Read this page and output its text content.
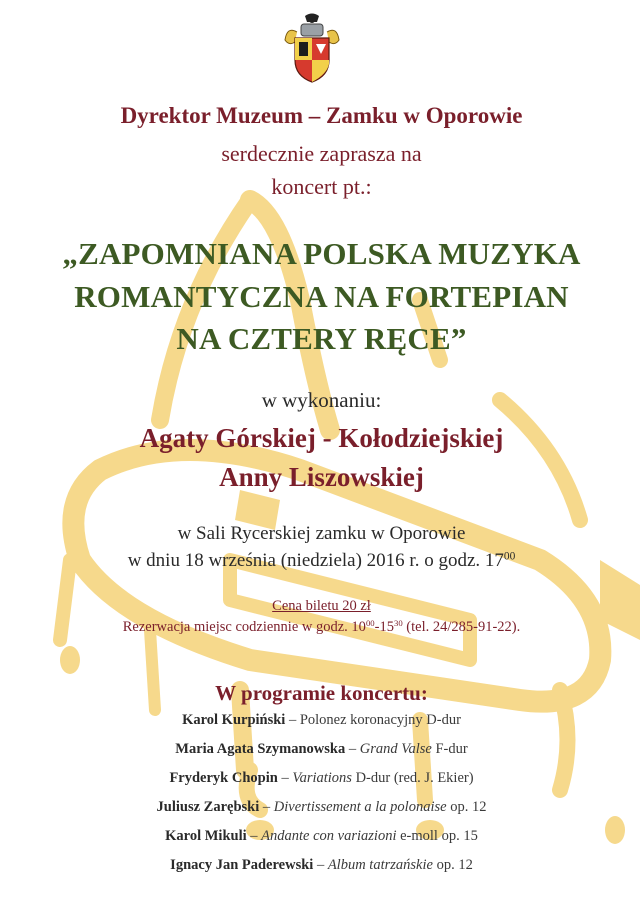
Dyrektor Muzeum – Zamku w Oporowie
serdecznie zaprasza na
koncert pt.:
„ZAPOMNIANA POLSKA MUZYKA
ROMANTYCZNA NA FORTEPIAN
NA CZTERY RĘCE”
w wykonaniu:
Agaty Górskiej - Kołodziejskiej
Anny Liszowskiej
w Sali Rycerskiej zamku w Oporowie
w dniu 18 września (niedziela) 2016 r. o godz. $17^{00}$
Cena biletu 20 zł
Rezerwacja miejsc codziennie w godz. $10^{00}-15^{30}$ (tel. 24/285-91-22).
W programie koncertu:
Karol Kurpiński – Polonez koronacyjny D-dur
Maria Agata Szymanowska – Grand Valse F-dur
Fryderyk Chopin – Variations D-dur (red. J. Ekier)
Juliusz Zarębski – Divertissement a la polonaise op. 12
Karol Mikuli – Andante con variazioni e-moll op. 15
Ignacy Jan Paderewski – Album tatrzańskie op. 12
